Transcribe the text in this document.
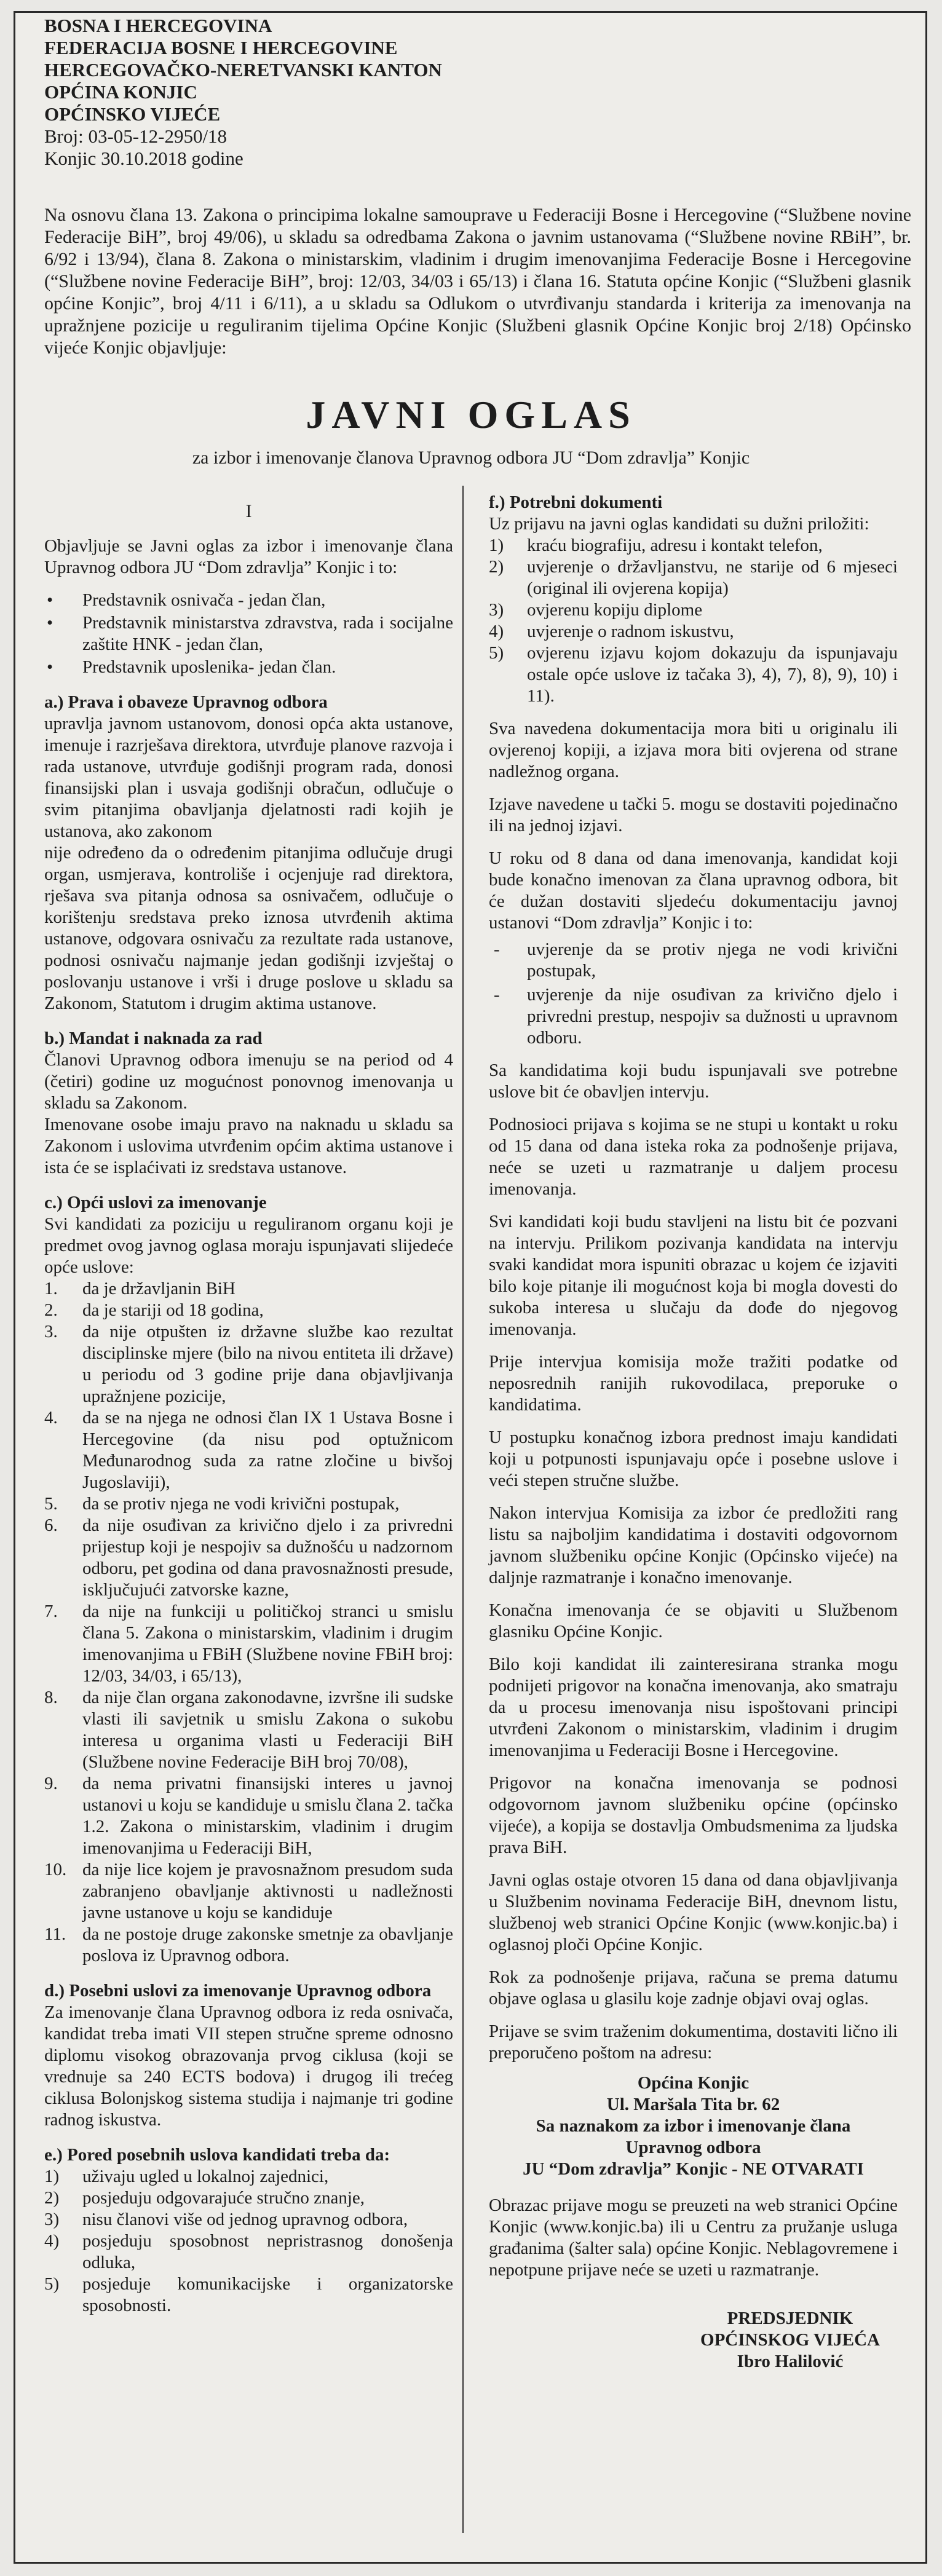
BOSNA I HERCEGOVINA
FEDERACIJA BOSNE I HERCEGOVINE
HERCEGOVAČKO-NERETVANSKI KANTON
OPĆINA KONJIC
OPĆINSKO VIJEĆE
Broj: 03-05-12-2950/18
Konjic 30.10.2018 godine
Na osnovu člana 13. Zakona o principima lokalne samouprave u Federaciji Bosne i Hercegovine (“Službene novine Federacije BiH”, broj 49/06), u skladu sa odredbama Zakona o javnim ustanovama (“Službene novine RBiH”, br. 6/92 i 13/94), člana 8. Zakona o ministarskim, vladinim i drugim imenovanjima Federacije Bosne i Hercegovine (“Službene novine Federacije BiH”, broj: 12/03, 34/03 i 65/13) i člana 16. Statuta općine Konjic (“Službeni glasnik općine Konjic”, broj 4/11 i 6/11), a u skladu sa Odlukom o utvrđivanju standarda i kriterija za imenovanja na upražnjene pozicije u reguliranim tijelima Općine Konjic (Službeni glasnik Općine Konjic broj 2/18) Općinsko vijeće Konjic objavljuje:
JAVNI OGLAS
za izbor i imenovanje članova Upravnog odbora JU “Dom zdravlja” Konjic
I
Objavljuje se Javni oglas za izbor i imenovanje člana Upravnog odbora JU “Dom zdravlja” Konjic i to:
• Predstavnik osnivača - jedan član,
• Predstavnik ministarstva zdravstva, rada i socijalne zaštite HNK - jedan član,
• Predstavnik uposlenika- jedan član.
a.) Prava i obaveze Upravnog odbora
upravlja javnom ustanovom, donosi opća akta ustanove, imenuje i razrješava direktora, utvrđuje planove razvoja i rada ustanove, utvrđuje godišnji program rada, donosi finansijski plan i usvaja godišnji obračun, odlučuje o svim pitanjima obavljanja djelatnosti radi kojih je ustanova, ako zakonom
nije određeno da o određenim pitanjima odlučuje drugi organ, usmjerava, kontroliše i ocjenjuje rad direktora, rješava sva pitanja odnosa sa osnivačem, odlučuje o korištenju sredstava preko iznosa utvrđenih aktima ustanove, odgovara osnivaču za rezultate rada ustanove, podnosi osnivaču najmanje jedan godišnji izvještaj o poslovanju ustanove i vrši i druge poslove u skladu sa Zakonom, Statutom i drugim aktima ustanove.
b.) Mandat i naknada za rad
Članovi Upravnog odbora imenuju se na period od 4 (četiri) godine uz mogućnost ponovnog imenovanja u skladu sa Zakonom.
Imenovane osobe imaju pravo na naknadu u skladu sa Zakonom i uslovima utvrđenim općim aktima ustanove i ista će se isplaćivati iz sredstava ustanove.
c.) Opći uslovi za imenovanje
Svi kandidati za poziciju u reguliranom organu koji je predmet ovog javnog oglasa moraju ispunjavati slijedeće opće uslove:
1. da je državljanin BiH
2. da je stariji od 18 godina,
3. da nije otpušten iz državne službe kao rezultat disciplinske mjere (bilo na nivou entiteta ili države) u periodu od 3 godine prije dana objavljivanja upražnjene pozicije,
4. da se na njega ne odnosi član IX 1 Ustava Bosne i Hercegovine (da nisu pod optužnicom Međunarodnog suda za ratne zločine u bivšoj Jugoslaviji),
5. da se protiv njega ne vodi krivični postupak,
6. da nije osuđivan za krivično djelo i za privredni prijestup koji je nespojiv sa dužnošću u nadzornom odboru, pet godina od dana pravosnažnosti presude, isključujući zatvorske kazne,
7. da nije na funkciji u političkoj stranci u smislu člana 5. Zakona o ministarskim, vladinim i drugim imenovanjima u FBiH (Službene novine FBiH broj: 12/03, 34/03, i 65/13),
8. da nije član organa zakonodavne, izvršne ili sudske vlasti ili savjetnik u smislu Zakona o sukobu interesa u organima vlasti u Federaciji BiH (Službene novine Federacije BiH broj 70/08),
9. da nema privatni finansijski interes u javnoj ustanovi u koju se kandiduje u smislu člana 2. tačka 1.2. Zakona o ministarskim, vladinim i drugim imenovanjima u Federaciji BiH,
10. da nije lice kojem je pravosnažnom presudom suda zabranjeno obavljanje aktivnosti u nadležnosti javne ustanove u koju se kandiduje
11. da ne postoje druge zakonske smetnje za obavljanje poslova iz Upravnog odbora.
d.) Posebni uslovi za imenovanje Upravnog odbora
Za imenovanje člana Upravnog odbora iz reda osnivača, kandidat treba imati VII stepen stručne spreme odnosno diplomu visokog obrazovanja prvog ciklusa (koji se vrednuje sa 240 ECTS bodova) i drugog ili trećeg ciklusa Bolonjskog sistema studija i najmanje tri godine radnog iskustva.
e.) Pored posebnih uslova kandidati treba da:
1) uživaju ugled u lokalnoj zajednici,
2) posjeduju odgovarajuće stručno znanje,
3) nisu članovi više od jednog upravnog odbora,
4) posjeduju sposobnost nepristrasnog donošenja odluka,
5) posjeduje komunikacijske i organizatorske sposobnosti.
f.) Potrebni dokumenti
Uz prijavu na javni oglas kandidati su dužni priložiti:
1) kraću biografiju, adresu i kontakt telefon,
2) uvjerenje o državljanstvu, ne starije od 6 mjeseci (original ili ovjerena kopija)
3) ovjerenu kopiju diplome
4) uvjerenje o radnom iskustvu,
5) ovjerenu izjavu kojom dokazuju da ispunjavaju ostale opće uslove iz tačaka 3), 4), 7), 8), 9), 10) i 11).
Sva navedena dokumentacija mora biti u originalu ili ovjerenoj kopiji, a izjava mora biti ovjerena od strane nadležnog organa.
Izjave navedene u tački 5. mogu se dostaviti pojedinačno ili na jednoj izjavi.
U roku od 8 dana od dana imenovanja, kandidat koji bude konačno imenovan za člana upravnog odbora, bit će dužan dostaviti sljedeću dokumentaciju javnoj ustanovi “Dom zdravlja” Konjic i to:
- uvjerenje da se protiv njega ne vodi krivični postupak,
- uvjerenje da nije osuđivan za krivično djelo i privredni prestup, nespojiv sa dužnosti u upravnom odboru.
Sa kandidatima koji budu ispunjavali sve potrebne uslove bit će obavljen intervju.
Podnosioci prijava s kojima se ne stupi u kontakt u roku od 15 dana od dana isteka roka za podnošenje prijava, neće se uzeti u razmatranje u daljem procesu imenovanja.
Svi kandidati koji budu stavljeni na listu bit će pozvani na intervju. Prilikom pozivanja kandidata na intervju svaki kandidat mora ispuniti obrazac u kojem će izjaviti bilo koje pitanje ili mogućnost koja bi mogla dovesti do sukoba interesa u slučaju da dođe do njegovog imenovanja.
Prije intervjua komisija može tražiti podatke od neposrednih ranijih rukovodilaca, preporuke o kandidatima.
U postupku konačnog izbora prednost imaju kandidati koji u potpunosti ispunjavaju opće i posebne uslove i veći stepen stručne službe.
Nakon intervjua Komisija za izbor će predložiti rang listu sa najboljim kandidatima i dostaviti odgovornom javnom službeniku općine Konjic (Općinsko vijeće) na daljnje razmatranje i konačno imenovanje.
Konačna imenovanja će se objaviti u Službenom glasniku Općine Konjic.
Bilo koji kandidat ili zainteresirana stranka mogu podnijeti prigovor na konačna imenovanja, ako smatraju da u procesu imenovanja nisu ispoštovani principi utvrđeni Zakonom o ministarskim, vladinim i drugim imenovanjima u Federaciji Bosne i Hercegovine.
Prigovor na konačna imenovanja se podnosi odgovornom javnom službeniku općine (općinsko vijeće), a kopija se dostavlja Ombudsmenima za ljudska prava BiH.
Javni oglas ostaje otvoren 15 dana od dana objavljivanja u Službenim novinama Federacije BiH, dnevnom listu, službenoj web stranici Općine Konjic (www.konjic.ba) i oglasnoj ploči Općine Konjic.
Rok za podnošenje prijava, računa se prema datumu objave oglasa u glasilu koje zadnje objavi ovaj oglas.
Prijave se svim traženim dokumentima, dostaviti lično ili preporučeno poštom na adresu:
Općina Konjic
Ul. Maršala Tita br. 62
Sa naznakom za izbor i imenovanje člana
Upravnog odbora
JU “Dom zdravlja” Konjic - NE OTVARATI
Obrazac prijave mogu se preuzeti na web stranici Općine Konjic (www.konjic.ba) ili u Centru za pružanje usluga građanima (šalter sala) općine Konjic. Neblagovremene i nepotpune prijave neće se uzeti u razmatranje.
PREDSJEDNIK
OPĆINSKOG VIJEĆA
Ibro Halilović
